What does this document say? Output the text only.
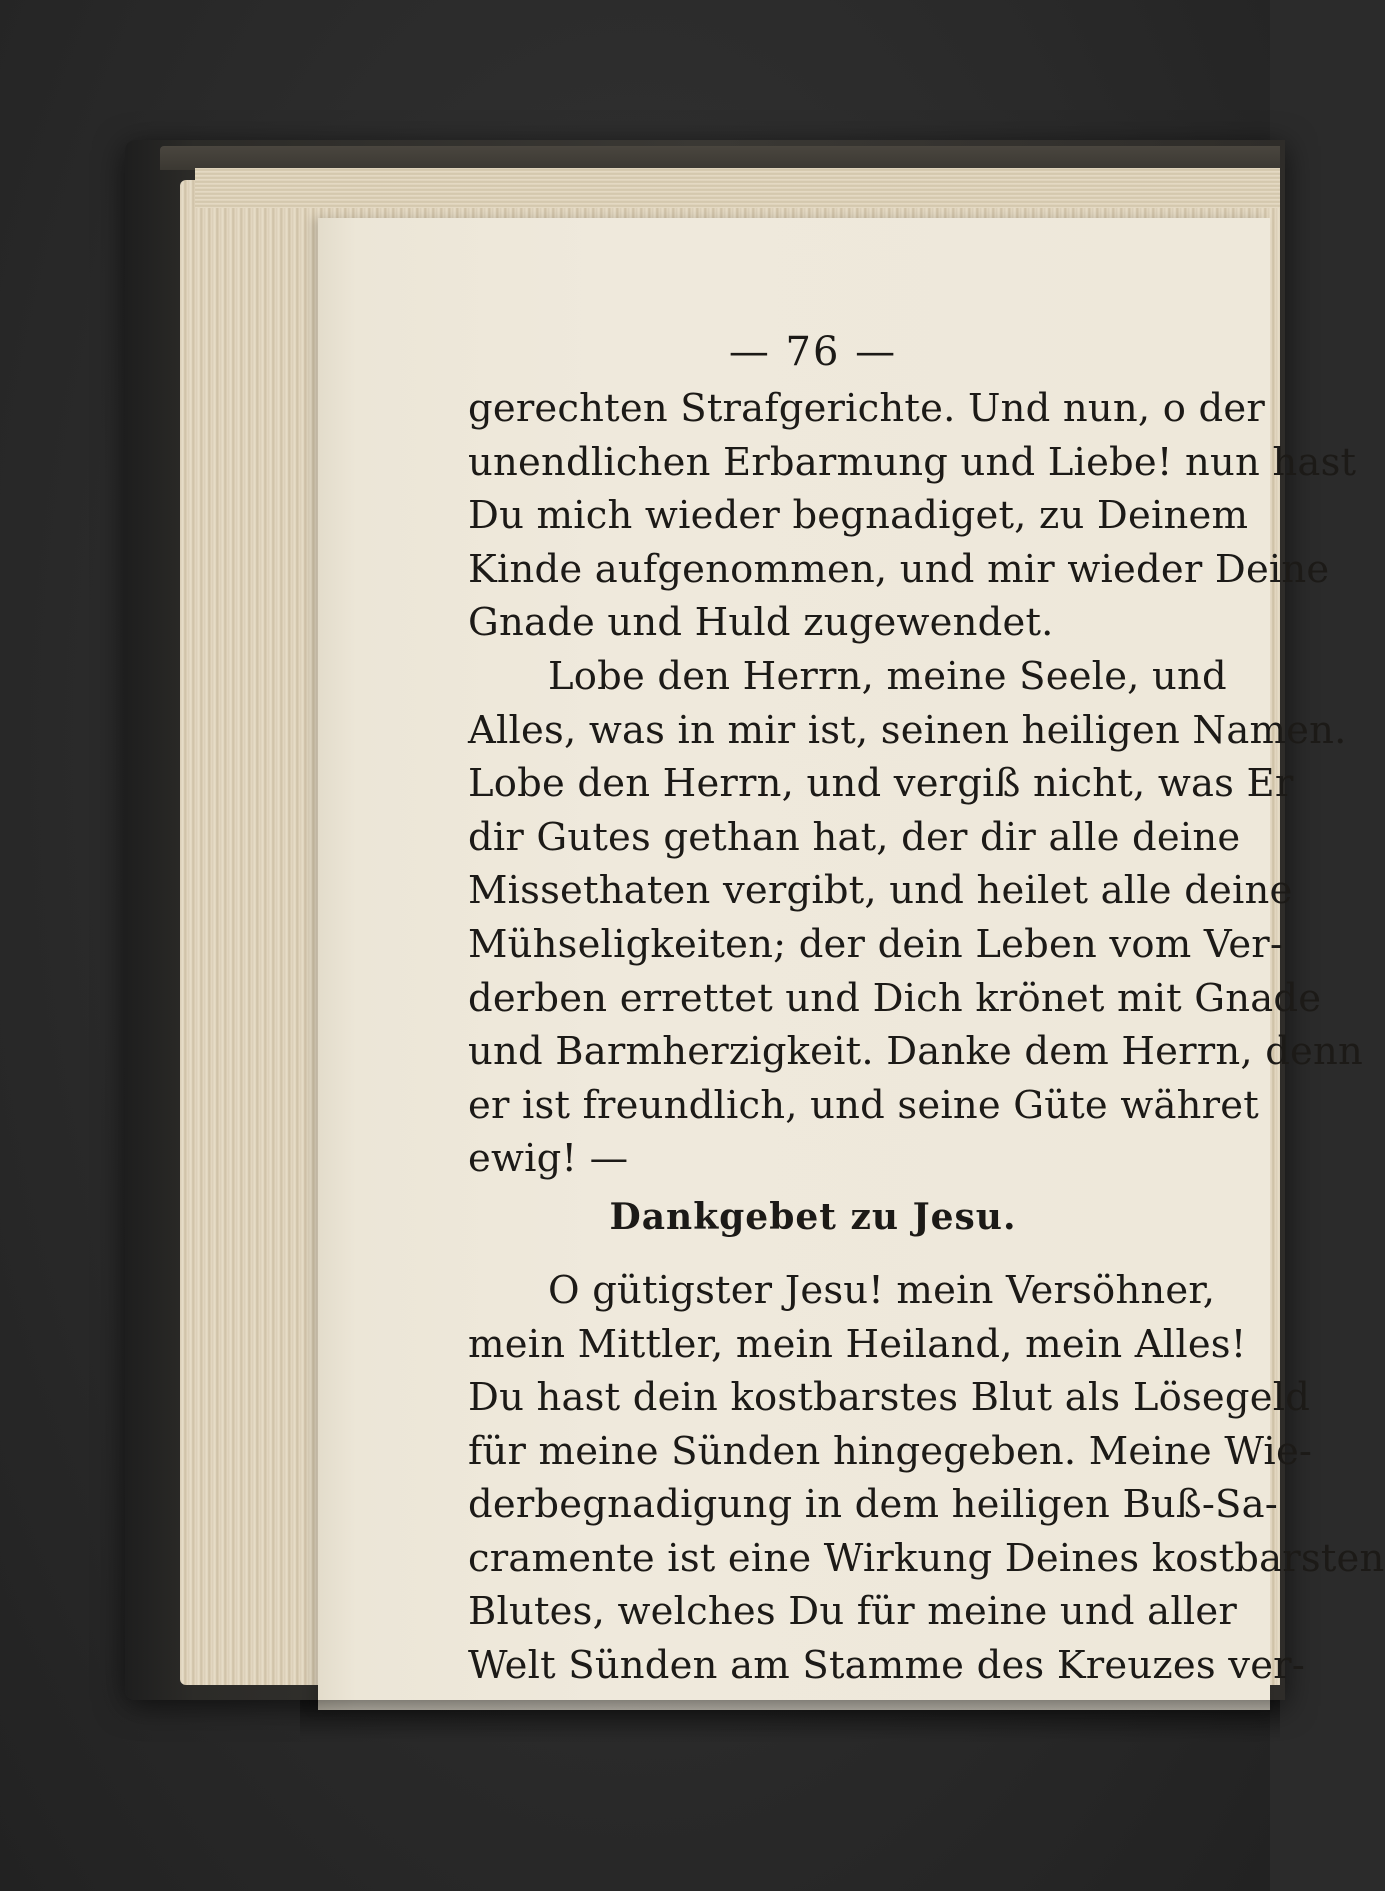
— 76 —
gerechten Strafgerichte. Und nun, o der
unendlichen Erbarmung und Liebe! nun hast
Du mich wieder begnadiget, zu Deinem
Kinde aufgenommen, und mir wieder Deine
Gnade und Huld zugewendet.
Lobe den Herrn, meine Seele, und
Alles, was in mir ist, seinen heiligen Namen.
Lobe den Herrn, und vergiß nicht, was Er
dir Gutes gethan hat, der dir alle deine
Missethaten vergibt, und heilet alle deine
Mühseligkeiten; der dein Leben vom Ver-
derben errettet und Dich krönet mit Gnade
und Barmherzigkeit. Danke dem Herrn, denn
er ist freundlich, und seine Güte währet
ewig! —
Dankgebet zu Jesu.
O gütigster Jesu! mein Versöhner,
mein Mittler, mein Heiland, mein Alles!
Du hast dein kostbarstes Blut als Lösegeld
für meine Sünden hingegeben. Meine Wie-
derbegnadigung in dem heiligen Buß-Sa-
cramente ist eine Wirkung Deines kostbarsten
Blutes, welches Du für meine und aller
Welt Sünden am Stamme des Kreuzes ver-
